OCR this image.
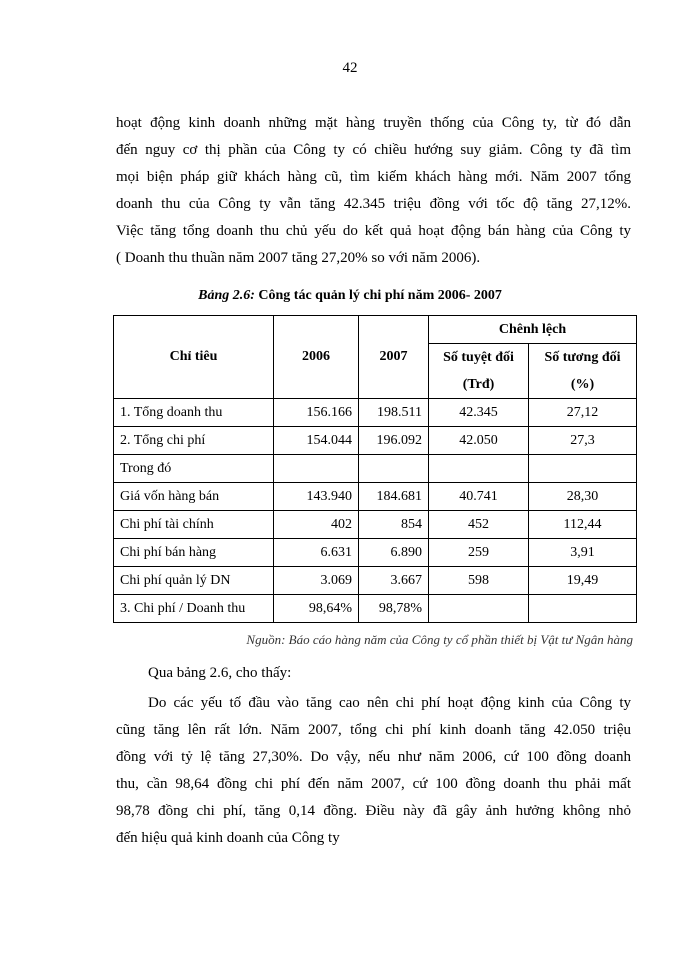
42
hoạt động kinh doanh những mặt hàng truyền thống của Công ty, từ đó dẫn
đến nguy cơ thị phần của Công ty có chiều hướng suy giảm. Công ty đã tìm
mọi biện pháp giữ khách hàng cũ, tìm kiếm khách hàng mới. Năm 2007 tổng
doanh thu của Công ty vẫn tăng 42.345 triệu đồng với tốc độ tăng 27,12%.
Việc tăng tổng doanh thu chủ yếu do kết quả hoạt động bán hàng của Công ty
( Doanh thu thuần năm 2007 tăng 27,20% so với năm 2006).
Bảng 2.6: Công tác quản lý chi phí năm 2006- 2007
Chỉ tiêu	2006	2007	Chênh lệch	
			Số tuyệt đối	Số tương đối
			(Trđ)	(%)
1. Tổng doanh thu	156.166	198.511	42.345	27,12
2. Tổng chi phí	154.044	196.092	42.050	27,3
Trong đó				
Giá vốn hàng bán	143.940	184.681	40.741	28,30
Chi phí tài chính	402	854	452	112,44
Chi phí bán hàng	6.631	6.890	259	3,91
Chi phí quản lý DN	3.069	3.667	598	19,49
3. Chi phí / Doanh thu	98,64%	98,78%		
Nguồn: Báo cáo hàng năm của Công ty cổ phần thiết bị Vật tư Ngân hàng
Qua bảng 2.6, cho thấy:
Do các yếu tố đầu vào tăng cao nên chi phí hoạt động kinh của Công ty
cũng tăng lên rất lớn. Năm 2007, tổng chi phí kinh doanh tăng 42.050 triệu
đồng với tỷ lệ tăng 27,30%. Do vậy, nếu như năm 2006, cứ 100 đồng doanh
thu, cần 98,64 đồng chi phí đến năm 2007, cứ 100 đồng doanh thu phải mất
98,78 đồng chi phí, tăng 0,14 đồng. Điều này đã gây ảnh hưởng không nhỏ
đến hiệu quả kinh doanh của Công ty
